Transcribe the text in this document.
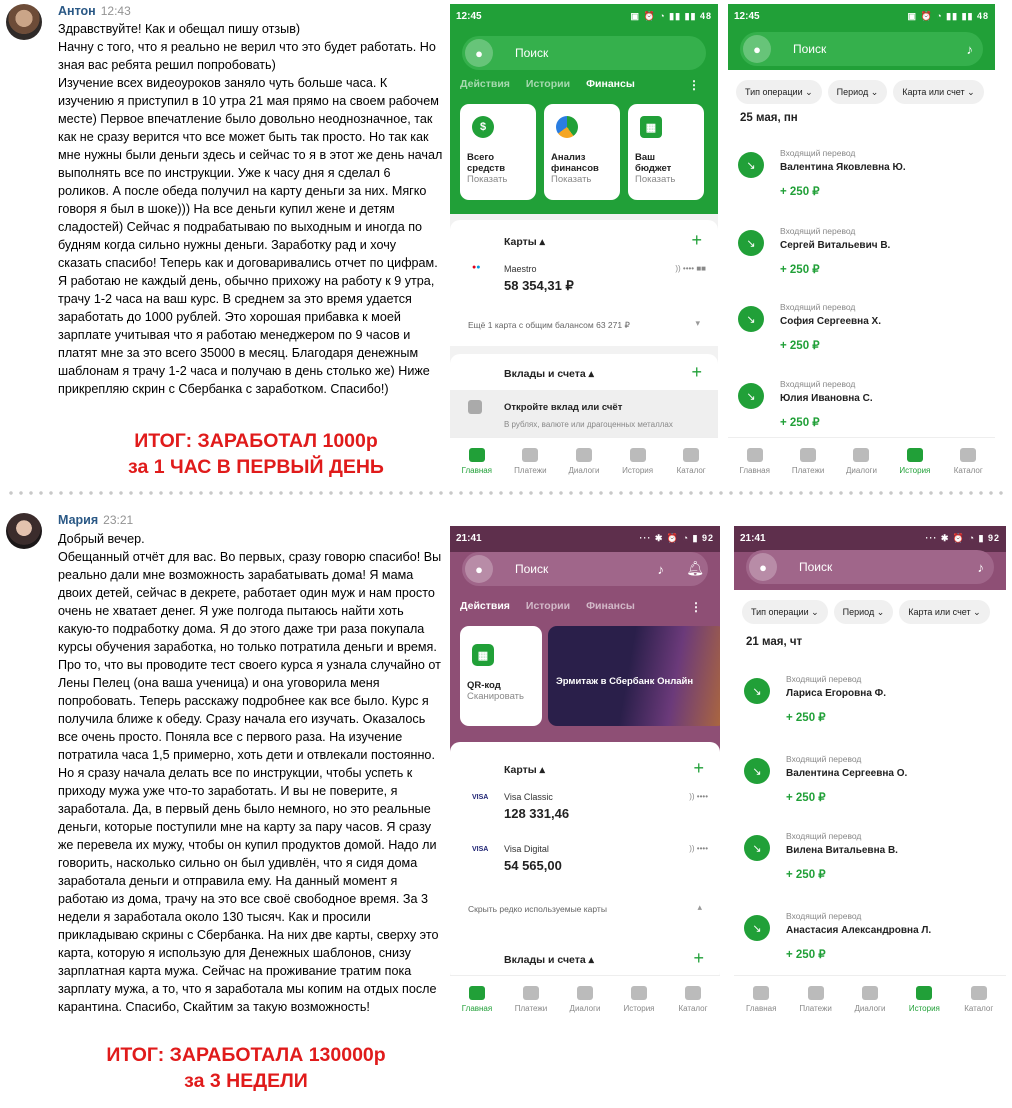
Антон 12:43
Здравствуйте! Как и обещал пишу отзыв)
Начну с того, что я реально не верил что это будет работать. Но зная вас ребята решил попробовать)
Изучение всех видеоуроков заняло чуть больше часа. К изучению я приступил в 10 утра 21 мая прямо на своем рабочем месте) Первое впечатление было довольно неоднозначное, так как не сразу верится что все может быть так просто. Но так как мне нужны были деньги здесь и сейчас то я в этот же день начал выполнять все по инструкции. Уже к часу дня я сделал 6 роликов. А после обеда получил на карту деньги за них. Мягко говоря я был в шоке))) На все деньги купил жене и детям сладостей) Сейчас я подрабатываю по выходным и иногда по будням когда сильно нужны деньги. Заработку рад и хочу сказать спасибо! Теперь как и договаривались отчет по цифрам. Я работаю не каждый день, обычно прихожу на работу к 9 утра, трачу 1-2 часа на ваш курс. В среднем за это время удается заработать до 1000 рублей. Это хорошая прибавка к моей зарплате учитывая что я работаю менеджером по 9 часов и платят мне за это всего 35000 в месяц. Благодаря денежным шаблонам я трачу 1-2 часа и получаю в день столько же) Ниже прикрепляю скрин с Сбербанка с заработком. Спасибо!)
ИТОГ: ЗАРАБОТАЛ 1000р
за 1 ЧАС В ПЕРВЫЙ ДЕНЬ
12:45	▣ ⏰ ◔ ▮▮ ▮▮ 48
●	Поиск
Действия Истории Финансы	⋮
$
Всего
средств
Показать
Анализ
финансов
Показать
▦
Ваш
бюджет
Показать
Карты ▴	+
●●	Maestro
58 354,31 ₽
)) •••• ■■
Ещё 1 карта с общим балансом 63 271 ₽	▾
Вклады и счета ▴	+
Откройте вклад или счёт
В рублях, валюте или драгоценных металлах
Главная	Платежи	Диалоги	История	Каталог
12:45	▣ ⏰ ◔ ▮▮ ▮▮ 48
●	Поиск	♪
Тип операции ⌄	Период ⌄	Карта или счет ⌄
25 мая, пн
↘
Входящий перевод
Валентина Яковлевна Ю.
+ 250 ₽
↘
Входящий перевод
Сергей Витальевич В.
+ 250 ₽
↘
Входящий перевод
София Сергеевна Х.
+ 250 ₽
↘
Входящий перевод
Юлия Ивановна С.
+ 250 ₽
Главная	Платежи	Диалоги	История	Каталог
Мария 23:21
Добрый вечер.
Обещанный отчёт для вас. Во первых, сразу говорю спасибо! Вы реально дали мне возможность зарабатывать дома! Я мама двоих детей, сейчас в декрете, работает один муж и нам просто очень не хватает денег. Я уже полгода пытаюсь найти хоть какую-то подработку дома. Я до этого даже три раза покупала курсы обучения заработка, но только потратила деньги и время. Про то, что вы проводите тест своего курса я узнала случайно от Лены Пелец (она ваша ученица) и она уговорила меня попробовать. Теперь расскажу подробнее как все было. Курс я получила ближе к обеду. Сразу начала его изучать. Оказалось все очень просто. Поняла все с первого раза. На изучение потратила часа 1,5 примерно, хоть дети и отвлекали постоянно. Но я сразу начала делать все по инструкции, чтобы успеть к приходу мужа уже что-то заработать. И вы не поверите, я заработала. Да, в первый день было немного, но это реальные деньги, которые поступили мне на карту за пару часов. Я сразу же перевела их мужу, чтобы он купил продуктов домой. Надо ли говорить, насколько сильно он был удивлён, что я сидя дома заработала деньги и отправила ему. На данный момент я работаю из дома, трачу на это все своё свободное время. За 3 недели я заработала около 130 тысяч. Как и просили прикладываю скрины с Сбербанка. На них две карты, сверху это карта, которую я использую для Денежных шаблонов, снизу зарплатная карта мужа. Сейчас на проживание тратим пока зарплату мужа, а то, что я заработала мы копим на отдых после карантина. Спасибо, Скайтим за такую возможность!
ИТОГ: ЗАРАБОТАЛА 130000р
за 3 НЕДЕЛИ
21:41	··· ✱ ⏰ ◔ ▮ 92
●	Поиск	♪ 🔔︎
Действия Истории Финансы	⋮
▦
QR-код
Сканировать
Эрмитаж в Сбербанк Онлайн
Карты ▴	+
VISA Visa Classic
128 331,46
)) ••••
VISA Visa Digital
54 565,00
)) ••••
Скрыть редко используемые карты	▴
Вклады и счета ▴	+
Главная	Платежи	Диалоги	История	Каталог
21:41	··· ✱ ⏰ ◔ ▮ 92
●	Поиск	♪
Тип операции ⌄	Период ⌄	Карта или счет ⌄
21 мая, чт
↘
Входящий перевод
Лариса Егоровна Ф.
+ 250 ₽
↘
Входящий перевод
Валентина Сергеевна О.
+ 250 ₽
↘
Входящий перевод
Вилена Витальевна В.
+ 250 ₽
↘
Входящий перевод
Анастасия Александровна Л.
+ 250 ₽
Главная	Платежи	Диалоги	История	Каталог
